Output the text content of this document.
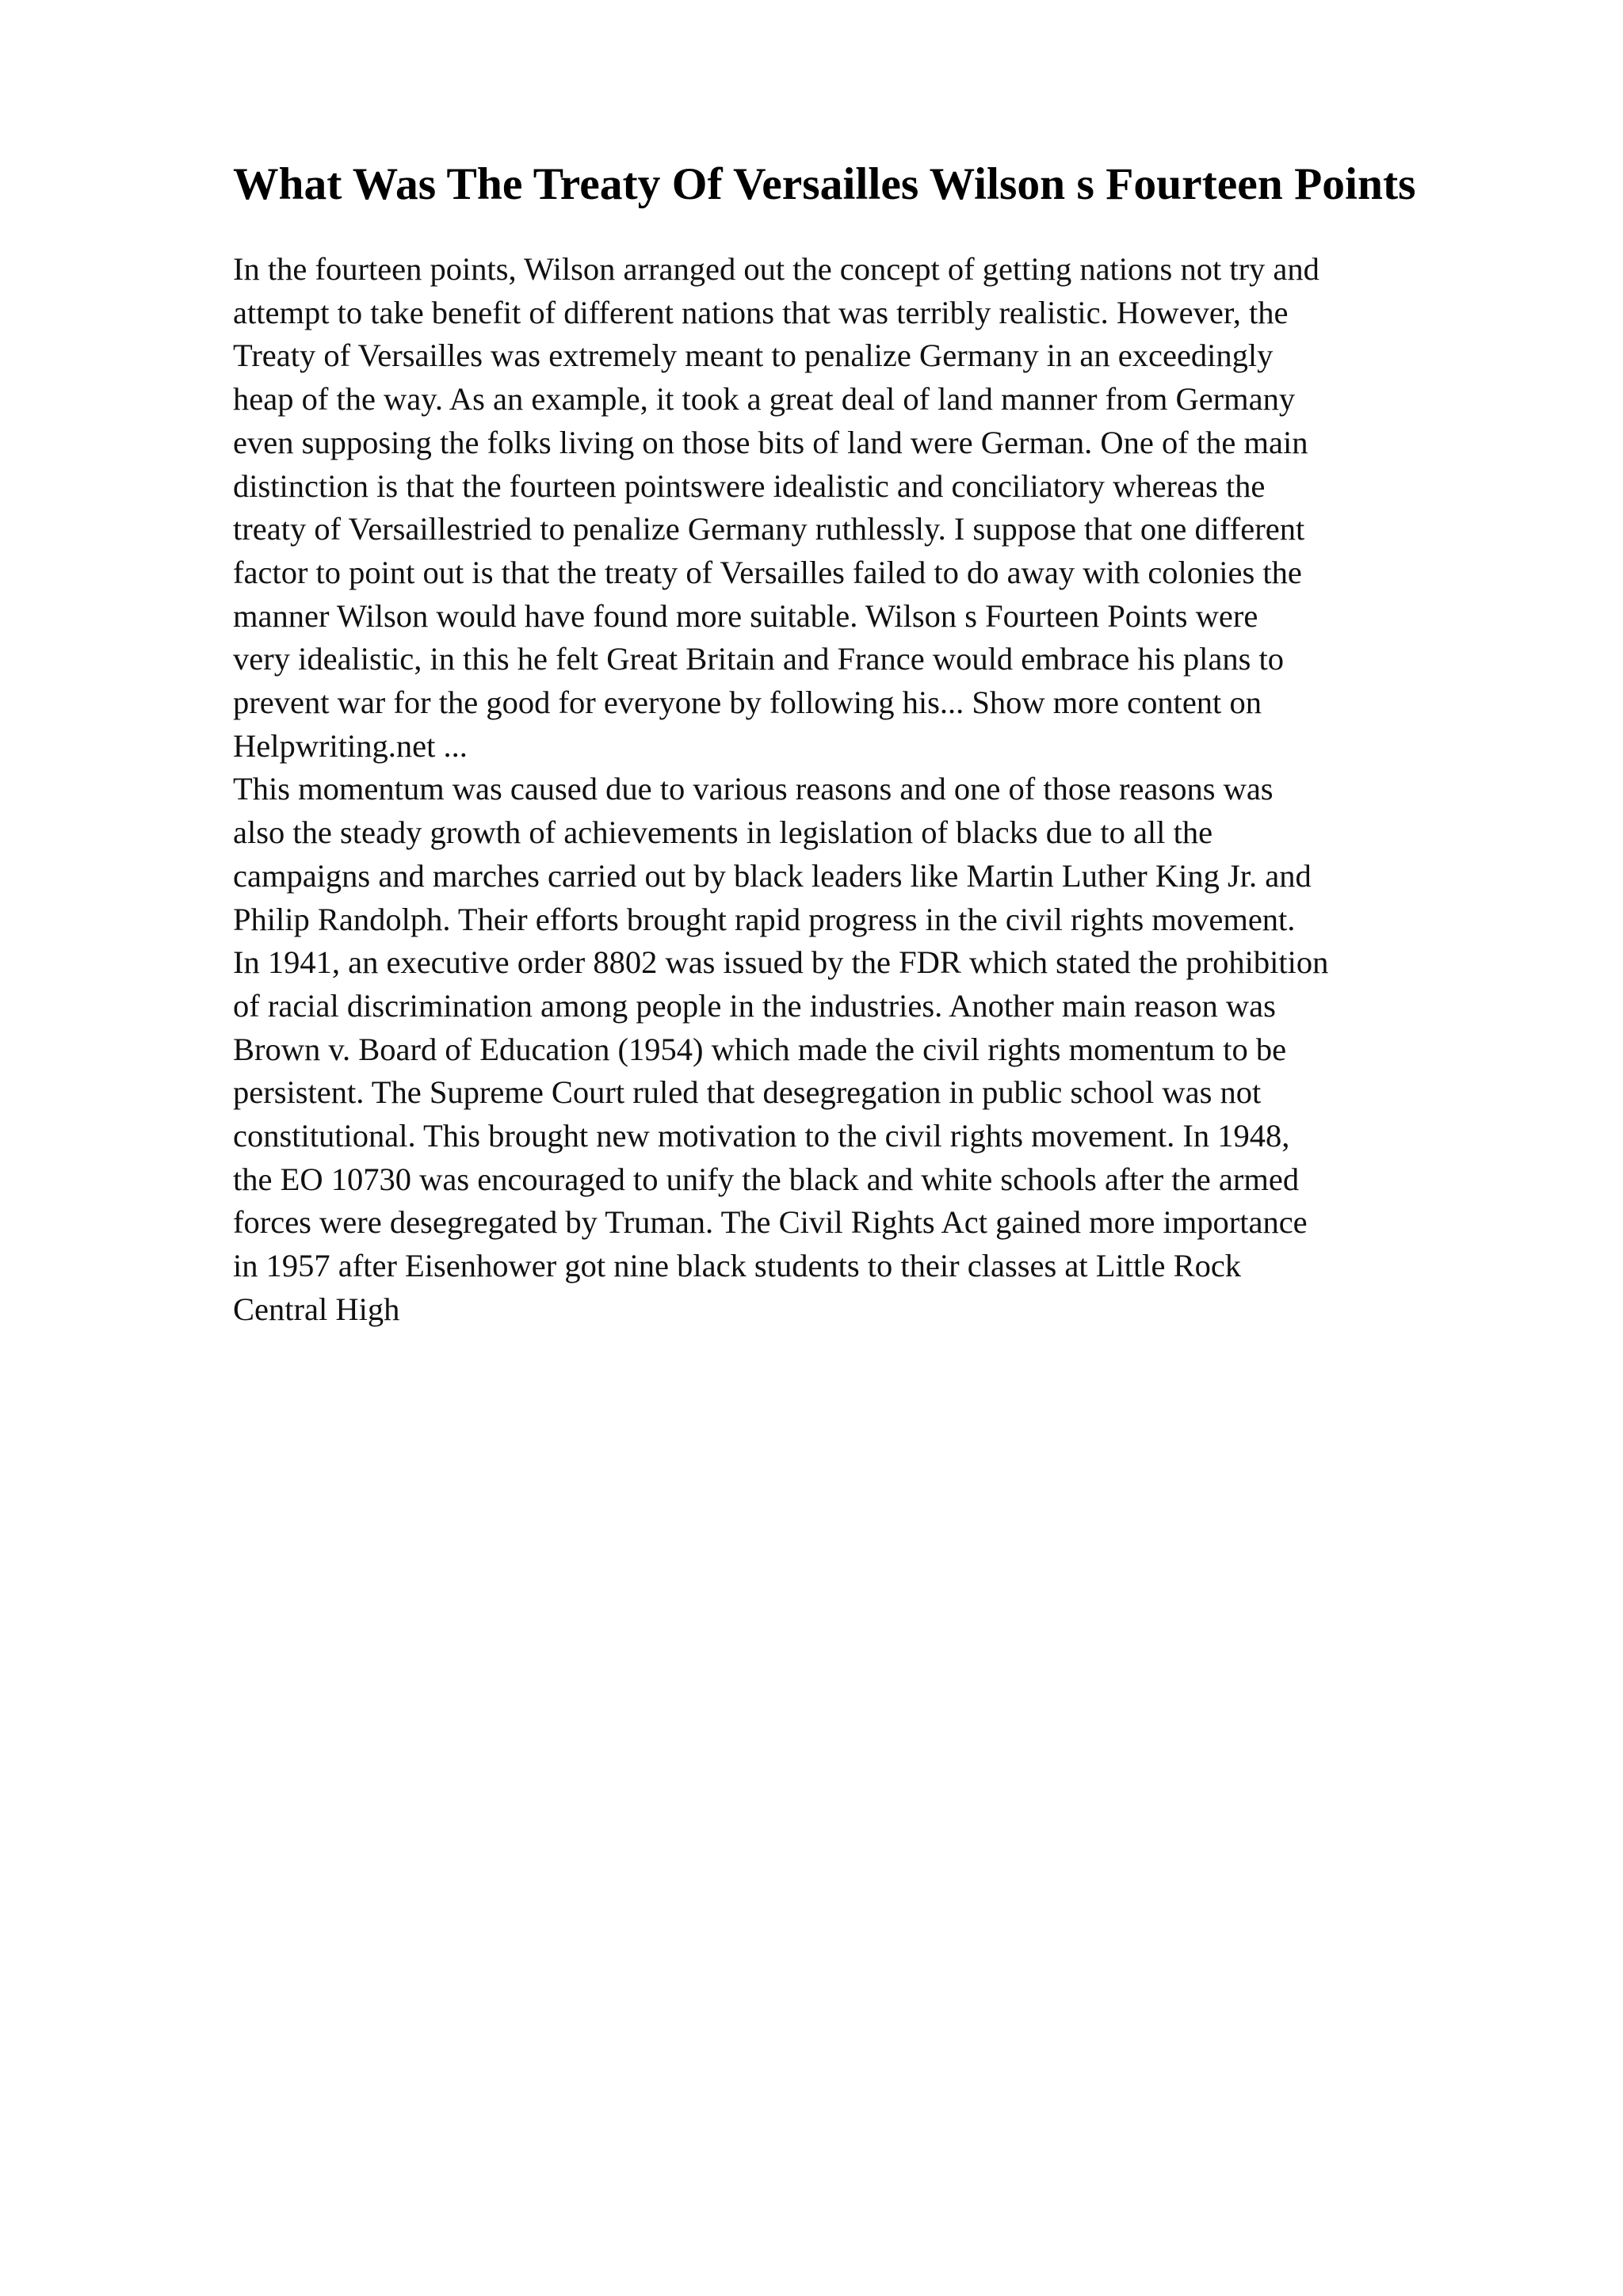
What Was The Treaty Of Versailles Wilson s Fourteen Points
In the fourteen points, Wilson arranged out the concept of getting nations not try and
attempt to take benefit of different nations that was terribly realistic. However, the
Treaty of Versailles was extremely meant to penalize Germany in an exceedingly
heap of the way. As an example, it took a great deal of land manner from Germany
even supposing the folks living on those bits of land were German. One of the main
distinction is that the fourteen pointswere idealistic and conciliatory whereas the
treaty of Versaillestried to penalize Germany ruthlessly. I suppose that one different
factor to point out is that the treaty of Versailles failed to do away with colonies the
manner Wilson would have found more suitable. Wilson s Fourteen Points were
very idealistic, in this he felt Great Britain and France would embrace his plans to
prevent war for the good for everyone by following his... Show more content on
Helpwriting.net ...
This momentum was caused due to various reasons and one of those reasons was
also the steady growth of achievements in legislation of blacks due to all the
campaigns and marches carried out by black leaders like Martin Luther King Jr. and
Philip Randolph. Their efforts brought rapid progress in the civil rights movement.
In 1941, an executive order 8802 was issued by the FDR which stated the prohibition
of racial discrimination among people in the industries. Another main reason was
Brown v. Board of Education (1954) which made the civil rights momentum to be
persistent. The Supreme Court ruled that desegregation in public school was not
constitutional. This brought new motivation to the civil rights movement. In 1948,
the EO 10730 was encouraged to unify the black and white schools after the armed
forces were desegregated by Truman. The Civil Rights Act gained more importance
in 1957 after Eisenhower got nine black students to their classes at Little Rock
Central High
